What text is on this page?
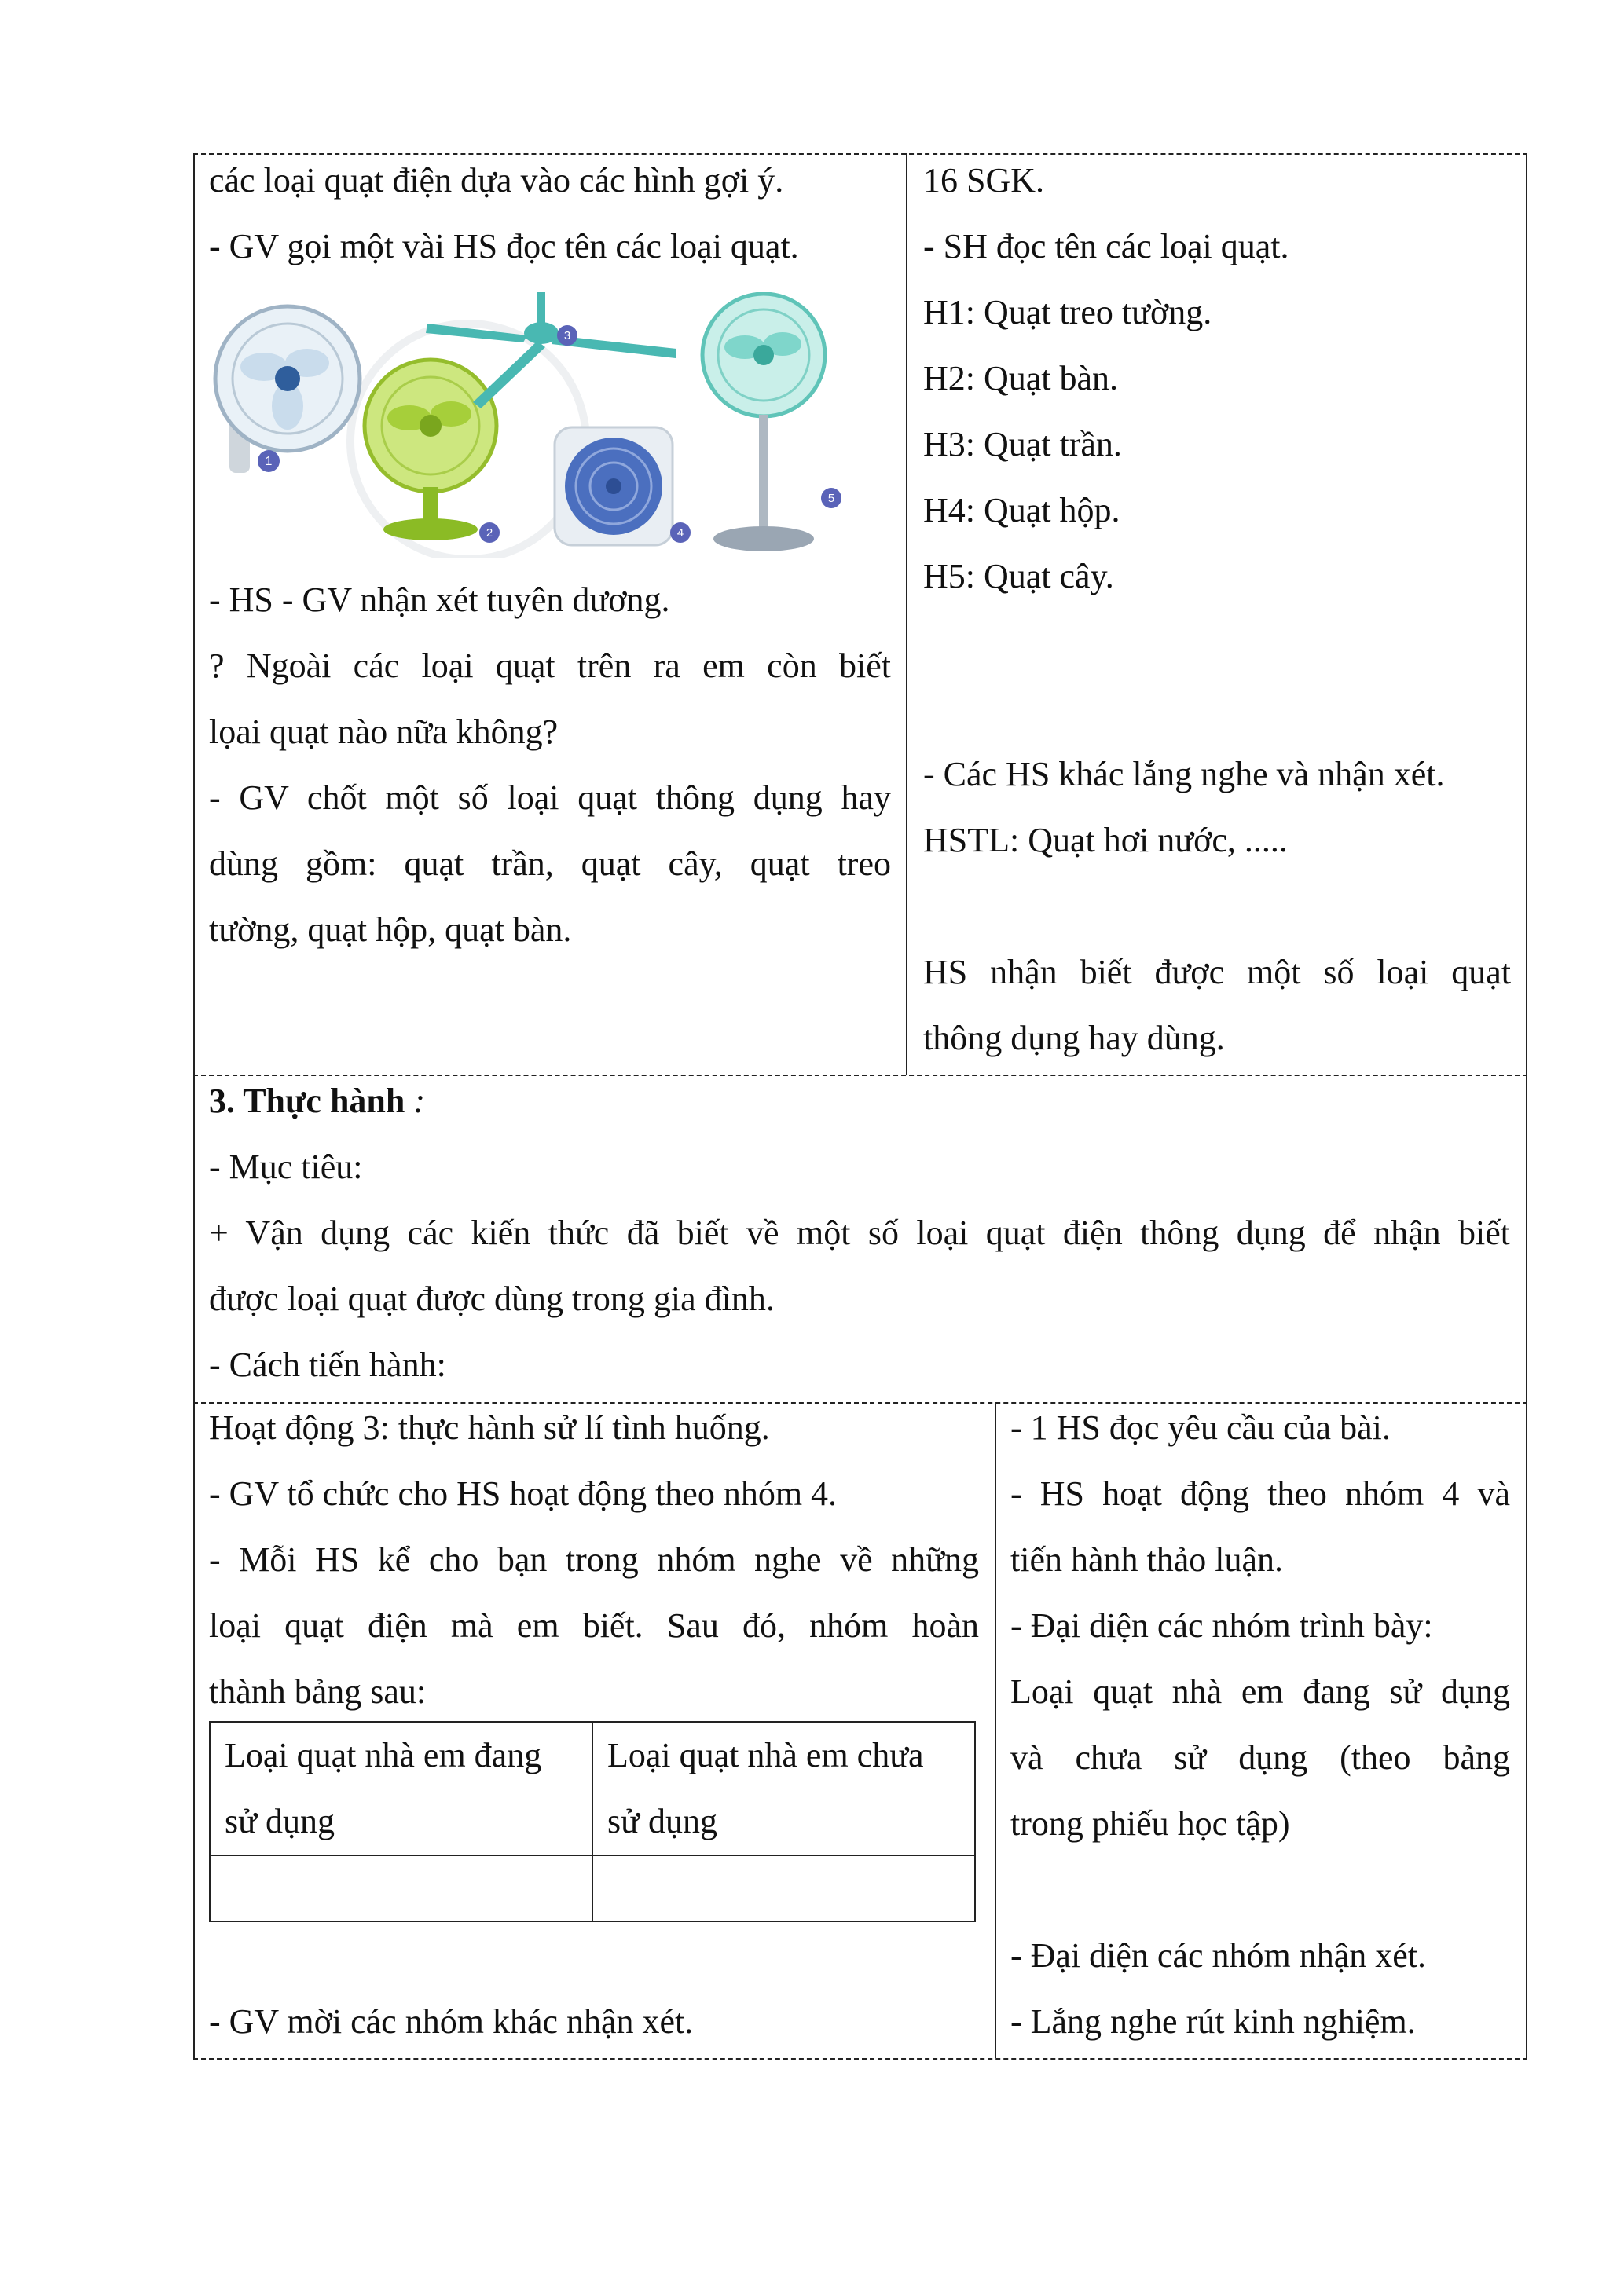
các loại quạt điện dựa vào các hình gợi ý.
- GV gọi một vài HS đọc tên các loại quạt.
1
2
3
4
5
- HS - GV nhận xét tuyên dương.
? Ngoài các loại quạt trên ra em còn biết
lọai quạt nào nữa không?
- GV chốt một số loại quạt thông dụng hay
dùng gồm: quạt trần, quạt cây, quạt treo
tường, quạt hộp, quạt bàn.
16 SGK.
- SH đọc tên các loại quạt.
H1: Quạt treo tường.
H2: Quạt bàn.
H3: Quạt trần.
H4: Quạt hộp.
H5: Quạt cây.
- Các HS khác lắng nghe và nhận xét.
HSTL: Quạt hơi nước, .....
HS nhận biết được một số loại quạt
thông dụng hay dùng.
3. Thực hành :
- Mục tiêu:
+ Vận dụng các kiến thức đã biết về một số loại quạt điện thông dụng để nhận biết
được loại quạt được dùng trong gia đình.
- Cách tiến hành:
Hoạt động 3: thực hành sử lí tình huống.
- GV tổ chức cho HS hoạt động theo nhóm 4.
- Mỗi HS kể cho bạn trong nhóm nghe về những
loại quạt điện mà em biết. Sau đó, nhóm hoàn
thành bảng sau:
Loại quạt nhà em đang sử dụng	Loại quạt nhà em chưa sử dụng

- GV mời các nhóm khác nhận xét.
- 1 HS đọc yêu cầu của bài.
- HS hoạt động theo nhóm 4 và
tiến hành thảo luận.
- Đại diện các nhóm trình bày:
Loại quạt nhà em đang sử dụng
và chưa sử dụng (theo bảng
trong phiếu học tập)
- Đại diện các nhóm nhận xét.
- Lắng nghe rút kinh nghiệm.
